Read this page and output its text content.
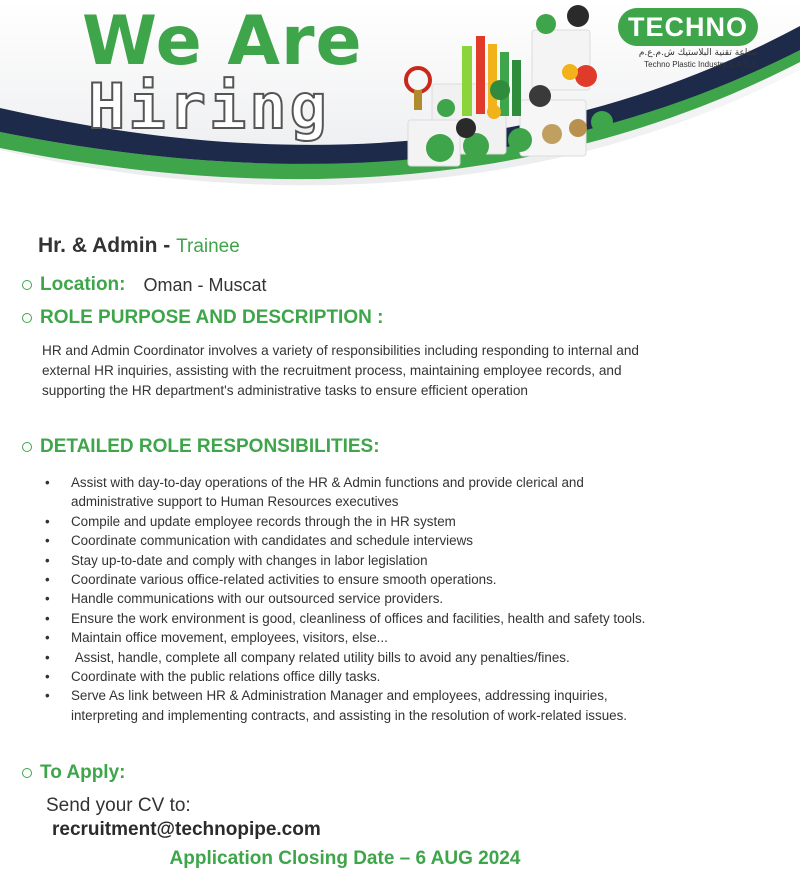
We Are
Hiring
TECHNO
صناعة تقنية البلاستيك ش.م.ع.م
Techno Plastic Industry S.A.O.C
Hr. & Admin - Trainee
Location: Oman - Muscat
ROLE PURPOSE AND DESCRIPTION :

HR and Admin Coordinator involves a variety of responsibilities including responding to internal and external HR inquiries, assisting with the recruitment process, maintaining employee records, and supporting the HR department's administrative tasks to ensure efficient operation

DETAILED ROLE RESPONSIBILITIES:
• Assist with day-to-day operations of the HR & Admin functions and provide clerical and administrative support to Human Resources executives
• Compile and update employee records through the in HR system
• Coordinate communication with candidates and schedule interviews
• Stay up-to-date and comply with changes in labor legislation
• Coordinate various office-related activities to ensure smooth operations.
• Handle communications with our outsourced service providers.
• Ensure the work environment is good, cleanliness of offices and facilities, health and safety tools.
• Maintain office movement, employees, visitors, else...
• Assist, handle, complete all company related utility bills to avoid any penalties/fines.
• Coordinate with the public relations office dilly tasks.
• Serve As link between HR & Administration Manager and employees, addressing inquiries, interpreting and implementing contracts, and assisting in the resolution of work-related issues.
To Apply:
Send your CV to:
recruitment@technopipe.com
Application Closing Date – 6 AUG 2024
